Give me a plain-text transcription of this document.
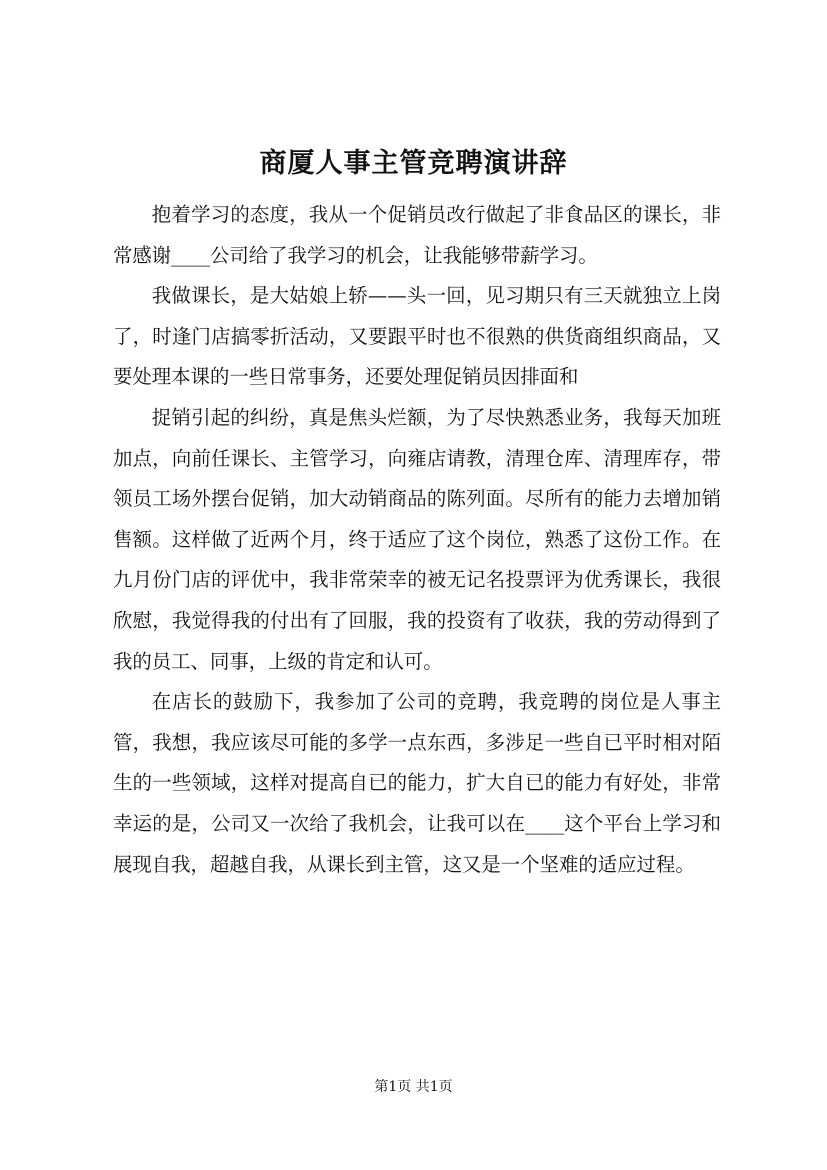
商厦人事主管竞聘演讲辞

抱着学习的态度，我从一个促销员改行做起了非食品区的课长，非常感谢____公司给了我学习的机会，让我能够带薪学习。

我做课长，是大姑娘上轿——头一回，见习期只有三天就独立上岗了，时逢门店搞零折活动，又要跟平时也不很熟的供货商组织商品，又要处理本课的一些日常事务，还要处理促销员因排面和

捉销引起的纠纷，真是焦头烂额，为了尽快熟悉业务，我每天加班加点，向前任课长、主管学习，向雍店请教，清理仓库、清理库存，带领员工场外摆台促销，加大动销商品的陈列面。尽所有的能力去增加销售额。这样做了近两个月，终于适应了这个岗位，熟悉了这份工作。在九月份门店的评优中，我非常荣幸的被无记名投票评为优秀课长，我很欣慰，我觉得我的付出有了回服，我的投资有了收获，我的劳动得到了我的员工、同事，上级的肯定和认可。

在店长的鼓励下，我参加了公司的竞聘，我竞聘的岗位是人事主管，我想，我应该尽可能的多学一点东西，多涉足一些自已平时相对陌生的一些领域，这样对提高自已的能力，扩大自已的能力有好处，非常幸运的是，公司又一次给了我机会，让我可以在____这个平台上学习和展现自我，超越自我，从课长到主管，这又是一个坚难的适应过程。

第1页 共1页
